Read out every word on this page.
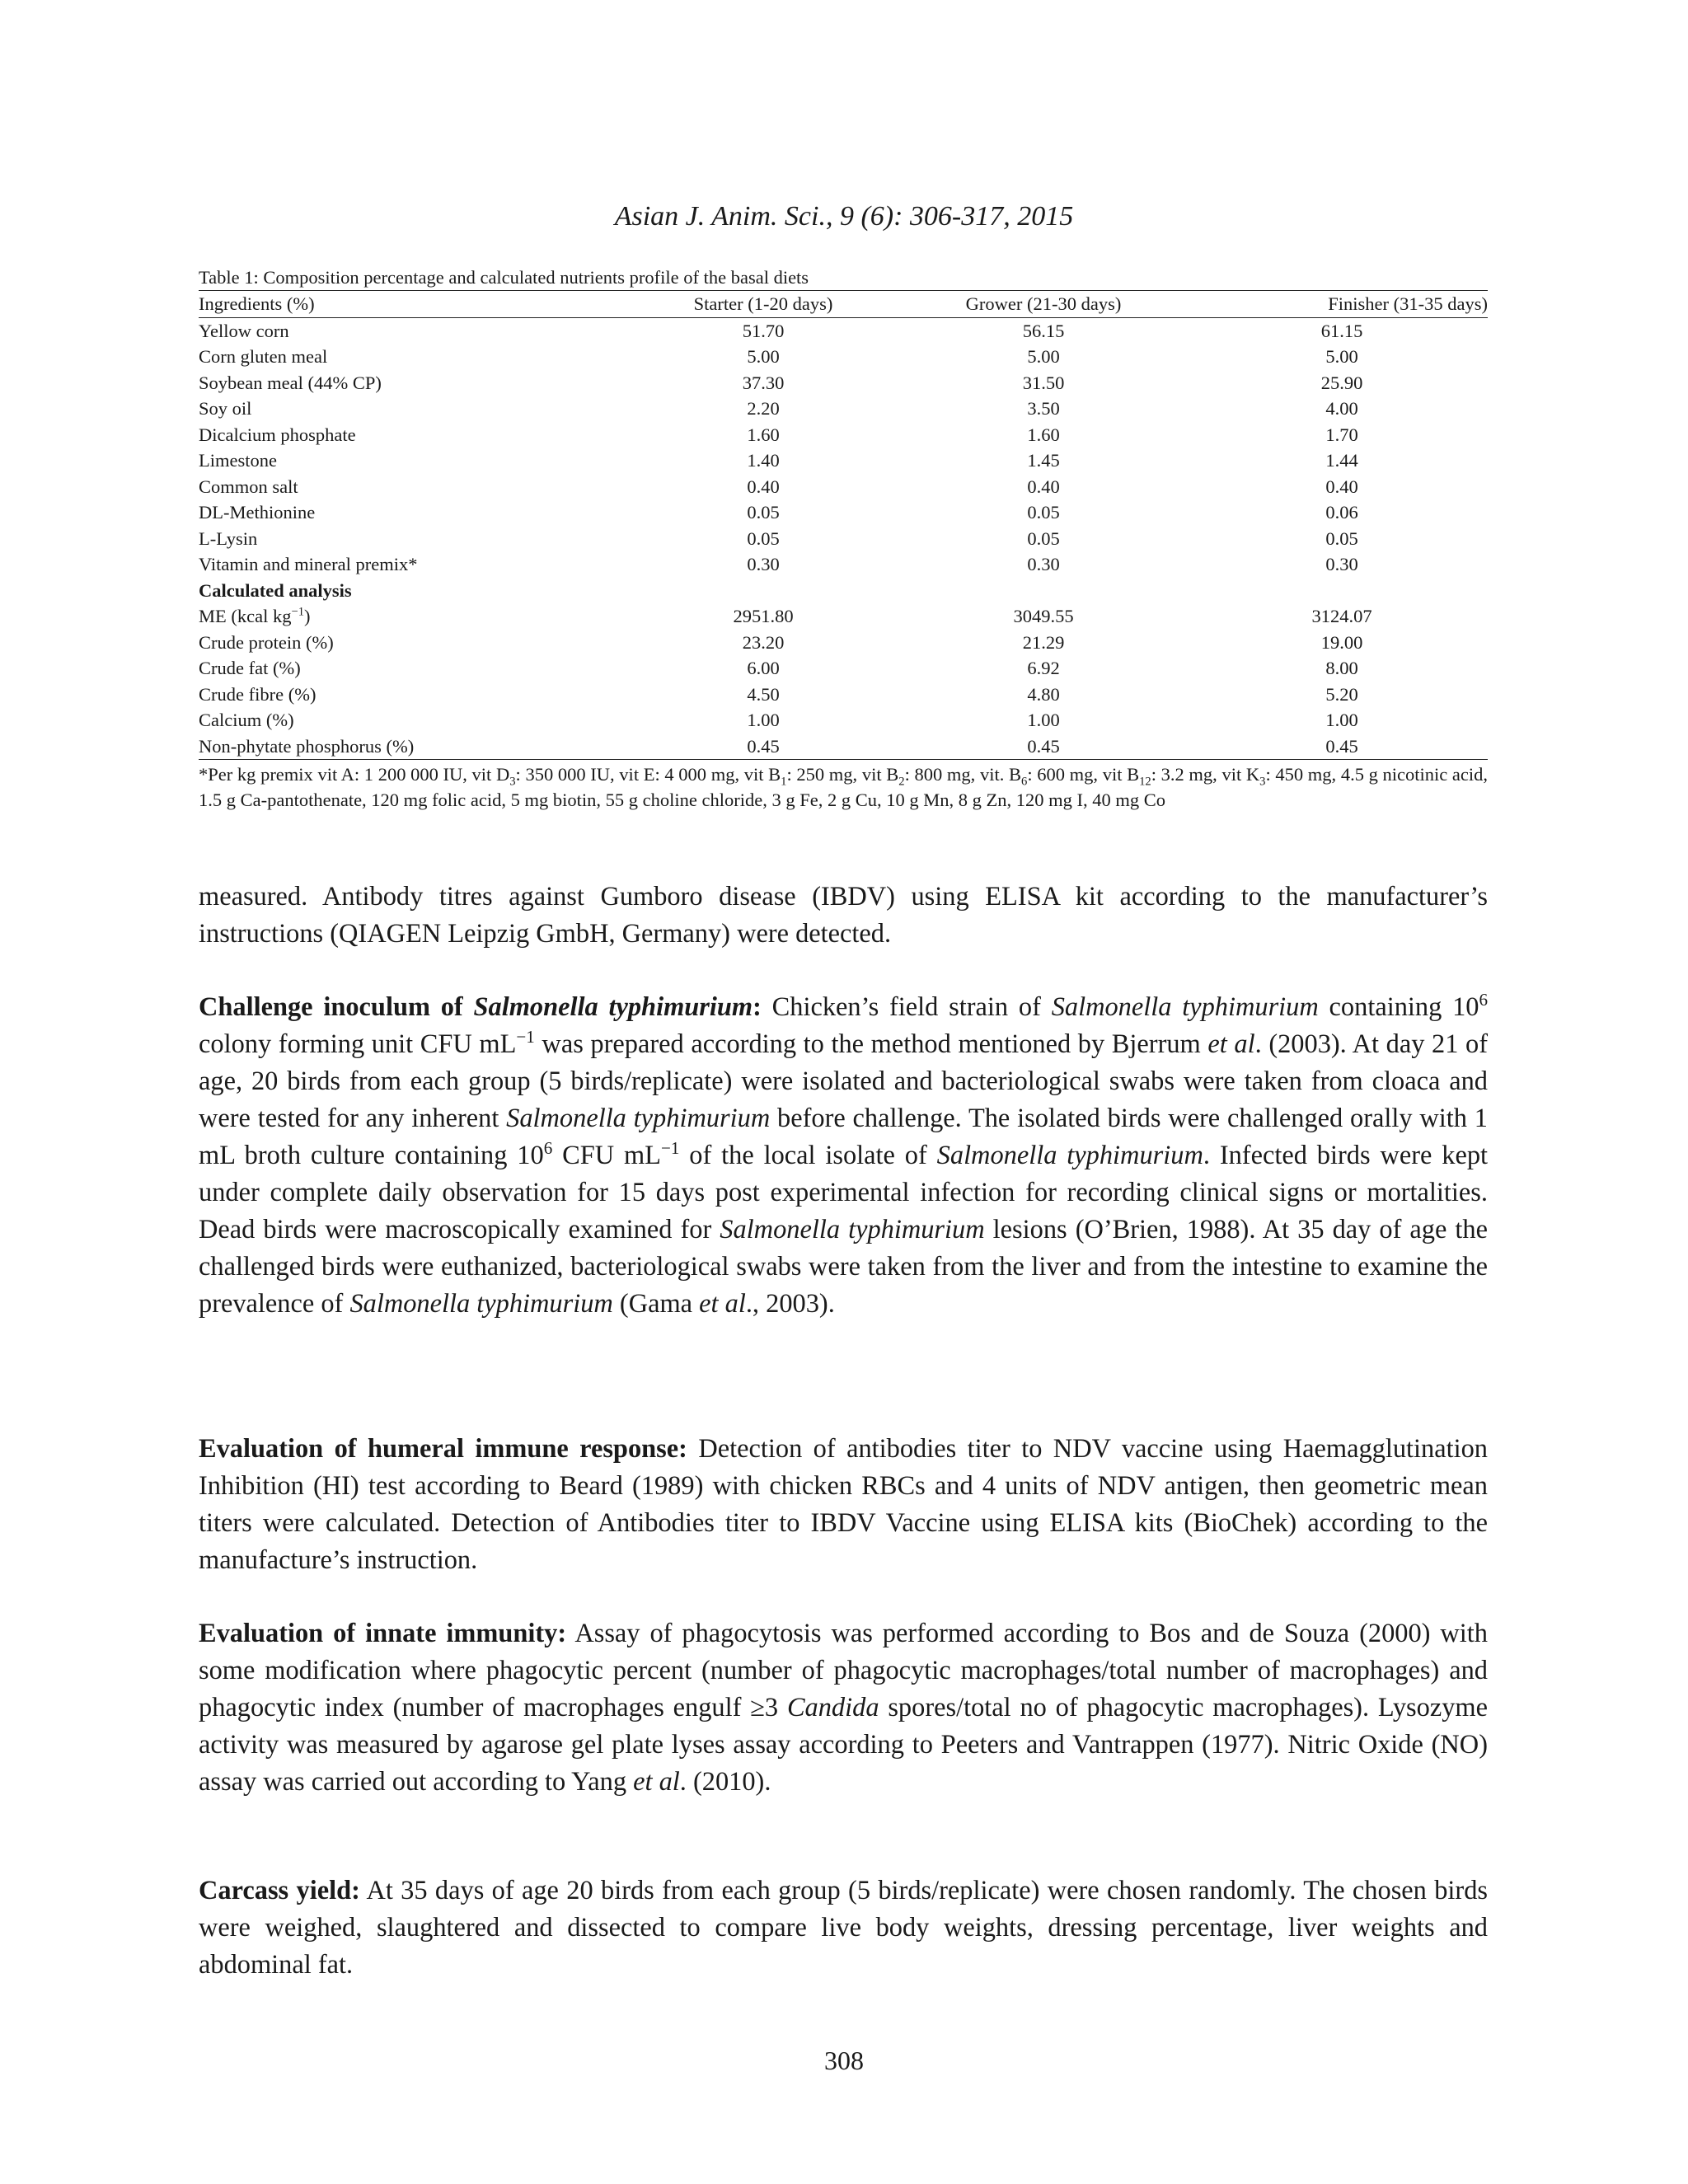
Asian J. Anim. Sci., 9 (6): 306-317, 2015
Table 1: Composition percentage and calculated nutrients profile of the basal diets
Ingredients (%)	Starter (1-20 days)	Grower (21-30 days)	Finisher (31-35 days)
Yellow corn	51.70	56.15	61.15
Corn gluten meal	5.00	5.00	5.00
Soybean meal (44% CP)	37.30	31.50	25.90
Soy oil	2.20	3.50	4.00
Dicalcium phosphate	1.60	1.60	1.70
Limestone	1.40	1.45	1.44
Common salt	0.40	0.40	0.40
DL-Methionine	0.05	0.05	0.06
L-Lysin	0.05	0.05	0.05
Vitamin and mineral premix*	0.30	0.30	0.30
Calculated analysis			
ME (kcal $kg^{-1}$)	2951.80	3049.55	3124.07
Crude protein (%)	23.20	21.29	19.00
Crude fat (%)	6.00	6.92	8.00
Crude fibre (%)	4.50	4.80	5.20
Calcium (%)	1.00	1.00	1.00
Non-phytate phosphorus (%)	0.45	0.45	0.45
*Per kg premix vit A: 1 200 000 IU, vit $D_3$: 350 000 IU, vit E: 4 000 mg, vit $B_1$: 250 mg, vit $B_2$: 800 mg, vit. $B_6$: 600 mg, vit $B_{12}$: 3.2 mg, vit $K_3$: 450 mg, 4.5 g nicotinic acid, 1.5 g Ca-pantothenate, 120 mg folic acid, 5 mg biotin, 55 g choline chloride, 3 g Fe, 2 g Cu, 10 g Mn, 8 g Zn, 120 mg I, 40 mg Co

measured. Antibody titres against Gumboro disease (IBDV) using ELISA kit according to the manufacturer’s instructions (QIAGEN Leipzig GmbH, Germany) were detected.

Challenge inoculum of Salmonella typhimurium: Chicken’s field strain of Salmonella typhimurium containing $10^6$ colony forming unit CFU $mL^{-1}$ was prepared according to the method mentioned by Bjerrum et al. (2003). At day 21 of age, 20 birds from each group (5 birds/replicate) were isolated and bacteriological swabs were taken from cloaca and were tested for any inherent Salmonella typhimurium before challenge. The isolated birds were challenged orally with 1 mL broth culture containing $10^6$ CFU $mL^{-1}$ of the local isolate of Salmonella typhimurium. Infected birds were kept under complete daily observation for 15 days post experimental infection for recording clinical signs or mortalities. Dead birds were macroscopically examined for Salmonella typhimurium lesions (O’Brien, 1988). At 35 day of age the challenged birds were euthanized, bacteriological swabs were taken from the liver and from the intestine to examine the prevalence of Salmonella typhimurium (Gama et al., 2003).

Evaluation of humeral immune response: Detection of antibodies titer to NDV vaccine using Haemagglutination Inhibition (HI) test according to Beard (1989) with chicken RBCs and 4 units of NDV antigen, then geometric mean titers were calculated. Detection of Antibodies titer to IBDV Vaccine using ELISA kits (BioChek) according to the manufacture’s instruction.

Evaluation of innate immunity: Assay of phagocytosis was performed according to Bos and de Souza (2000) with some modification where phagocytic percent (number of phagocytic macrophages/total number of macrophages) and phagocytic index (number of macrophages engulf ≥3 Candida spores/total no of phagocytic macrophages). Lysozyme activity was measured by agarose gel plate lyses assay according to Peeters and Vantrappen (1977). Nitric Oxide (NO) assay was carried out according to Yang et al. (2010).

Carcass yield: At 35 days of age 20 birds from each group (5 birds/replicate) were chosen randomly. The chosen birds were weighed, slaughtered and dissected to compare live body weights, dressing percentage, liver weights and abdominal fat.

308
